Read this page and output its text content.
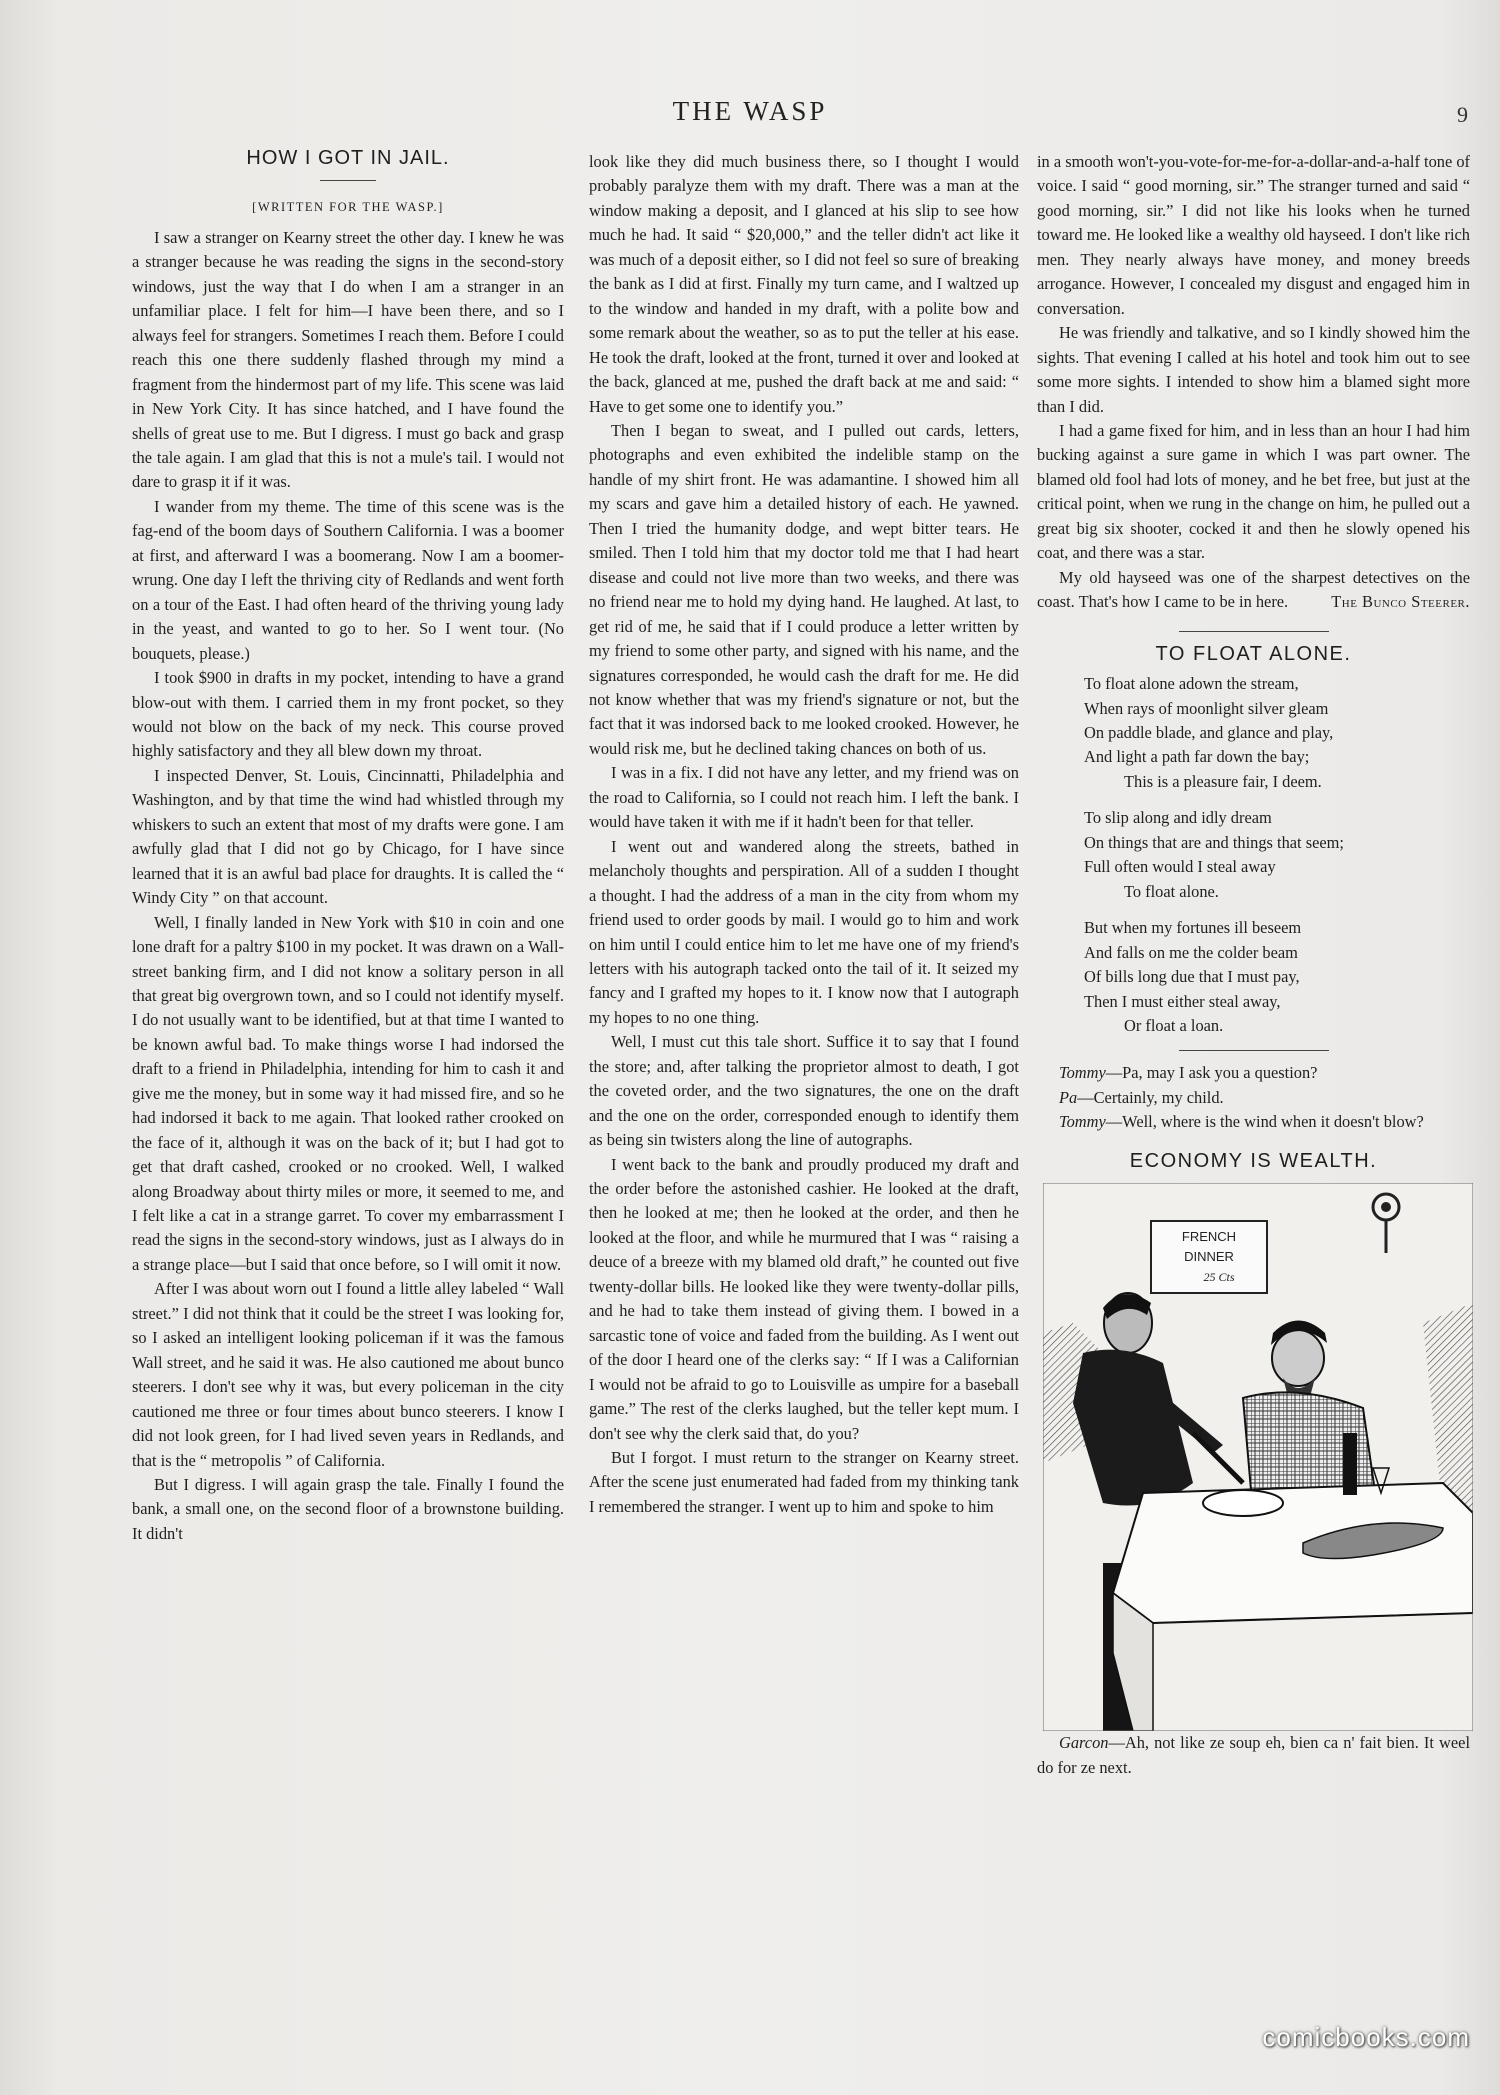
THE WASP	9
HOW I GOT IN JAIL.
[WRITTEN FOR THE WASP.]

I saw a stranger on Kearny street the other day. I knew he was a stranger because he was reading the signs in the second-story windows, just the way that I do when I am a stranger in an unfamiliar place. I felt for him—I have been there, and so I always feel for strangers. Sometimes I reach them. Before I could reach this one there suddenly flashed through my mind a fragment from the hindermost part of my life. This scene was laid in New York City. It has since hatched, and I have found the shells of great use to me. But I digress. I must go back and grasp the tale again. I am glad that this is not a mule's tail. I would not dare to grasp it if it was.

I wander from my theme. The time of this scene was is the fag-end of the boom days of Southern California. I was a boomer at first, and afterward I was a boomerang. Now I am a boomer-wrung. One day I left the thriving city of Redlands and went forth on a tour of the East. I had often heard of the thriving young lady in the yeast, and wanted to go to her. So I went tour. (No bouquets, please.)

I took $900 in drafts in my pocket, intending to have a grand blow-out with them. I carried them in my front pocket, so they would not blow on the back of my neck. This course proved highly satisfactory and they all blew down my throat.

I inspected Denver, St. Louis, Cincinnatti, Philadelphia and Washington, and by that time the wind had whistled through my whiskers to such an extent that most of my drafts were gone. I am awfully glad that I did not go by Chicago, for I have since learned that it is an awful bad place for draughts. It is called the “ Windy City ” on that account.

Well, I finally landed in New York with $10 in coin and one lone draft for a paltry $100 in my pocket. It was drawn on a Wall-street banking firm, and I did not know a solitary person in all that great big overgrown town, and so I could not identify myself. I do not usually want to be identified, but at that time I wanted to be known awful bad. To make things worse I had indorsed the draft to a friend in Philadelphia, intending for him to cash it and give me the money, but in some way it had missed fire, and so he had indorsed it back to me again. That looked rather crooked on the face of it, although it was on the back of it; but I had got to get that draft cashed, crooked or no crooked. Well, I walked along Broadway about thirty miles or more, it seemed to me, and I felt like a cat in a strange garret. To cover my embarrassment I read the signs in the second-story windows, just as I always do in a strange place—but I said that once before, so I will omit it now.

After I was about worn out I found a little alley labeled “ Wall street.” I did not think that it could be the street I was looking for, so I asked an intelligent looking policeman if it was the famous Wall street, and he said it was. He also cautioned me about bunco steerers. I don't see why it was, but every policeman in the city cautioned me three or four times about bunco steerers. I know I did not look green, for I had lived seven years in Redlands, and that is the “ metropolis ” of California.

But I digress. I will again grasp the tale. Finally I found the bank, a small one, on the second floor of a brownstone building. It didn't

look like they did much business there, so I thought I would probably paralyze them with my draft. There was a man at the window making a deposit, and I glanced at his slip to see how much he had. It said “ $20,000,” and the teller didn't act like it was much of a deposit either, so I did not feel so sure of breaking the bank as I did at first. Finally my turn came, and I waltzed up to the window and handed in my draft, with a polite bow and some remark about the weather, so as to put the teller at his ease. He took the draft, looked at the front, turned it over and looked at the back, glanced at me, pushed the draft back at me and said: “ Have to get some one to identify you.”

Then I began to sweat, and I pulled out cards, letters, photographs and even exhibited the indelible stamp on the handle of my shirt front. He was adamantine. I showed him all my scars and gave him a detailed history of each. He yawned. Then I tried the humanity dodge, and wept bitter tears. He smiled. Then I told him that my doctor told me that I had heart disease and could not live more than two weeks, and there was no friend near me to hold my dying hand. He laughed. At last, to get rid of me, he said that if I could produce a letter written by my friend to some other party, and signed with his name, and the signatures corresponded, he would cash the draft for me. He did not know whether that was my friend's signature or not, but the fact that it was indorsed back to me looked crooked. However, he would risk me, but he declined taking chances on both of us.

I was in a fix. I did not have any letter, and my friend was on the road to California, so I could not reach him. I left the bank. I would have taken it with me if it hadn't been for that teller.

I went out and wandered along the streets, bathed in melancholy thoughts and perspiration. All of a sudden I thought a thought. I had the address of a man in the city from whom my friend used to order goods by mail. I would go to him and work on him until I could entice him to let me have one of my friend's letters with his autograph tacked onto the tail of it. It seized my fancy and I grafted my hopes to it. I know now that I autograph my hopes to no one thing.

Well, I must cut this tale short. Suffice it to say that I found the store; and, after talking the proprietor almost to death, I got the coveted order, and the two signatures, the one on the draft and the one on the order, corresponded enough to identify them as being sin twisters along the line of autographs.

I went back to the bank and proudly produced my draft and the order before the astonished cashier. He looked at the draft, then he looked at me; then he looked at the order, and then he looked at the floor, and while he murmured that I was “ raising a deuce of a breeze with my blamed old draft,” he counted out five twenty-dollar bills. He looked like they were twenty-dollar pills, and he had to take them instead of giving them. I bowed in a sarcastic tone of voice and faded from the building. As I went out of the door I heard one of the clerks say: “ If I was a Californian I would not be afraid to go to Louisville as umpire for a baseball game.” The rest of the clerks laughed, but the teller kept mum. I don't see why the clerk said that, do you?

But I forgot. I must return to the stranger on Kearny street. After the scene just enumerated had faded from my thinking tank I remembered the stranger. I went up to him and spoke to him

in a smooth won't-you-vote-for-me-for-a-dollar-and-a-half tone of voice. I said “ good morning, sir.” The stranger turned and said “ good morning, sir.” I did not like his looks when he turned toward me. He looked like a wealthy old hayseed. I don't like rich men. They nearly always have money, and money breeds arrogance. However, I concealed my disgust and engaged him in conversation.

He was friendly and talkative, and so I kindly showed him the sights. That evening I called at his hotel and took him out to see some more sights. I intended to show him a blamed sight more than I did.

I had a game fixed for him, and in less than an hour I had him bucking against a sure game in which I was part owner. The blamed old fool had lots of money, and he bet free, but just at the critical point, when we rung in the change on him, he pulled out a great big six shooter, cocked it and then he slowly opened his coat, and there was a star.

My old hayseed was one of the sharpest detectives on the coast. That's how I came to be in here.	The Bunco Steerer.

TO FLOAT ALONE.
To float alone adown the stream,
When rays of moonlight silver gleam
On paddle blade, and glance and play,
And light a path far down the bay;
This is a pleasure fair, I deem.
To slip along and idly dream
On things that are and things that seem;
Full often would I steal away
To float alone.
But when my fortunes ill beseem
And falls on me the colder beam
Of bills long due that I must pay,
Then I must either steal away,
Or float a loan.

Tommy—Pa, may I ask you a question?

Pa—Certainly, my child.

Tommy—Well, where is the wind when it doesn't blow?

ECONOMY IS WEALTH.
FRENCH
DINNER
25 Cts

Garcon—Ah, not like ze soup eh, bien ca n' fait bien. It weel do for ze next.

comicbooks.com
